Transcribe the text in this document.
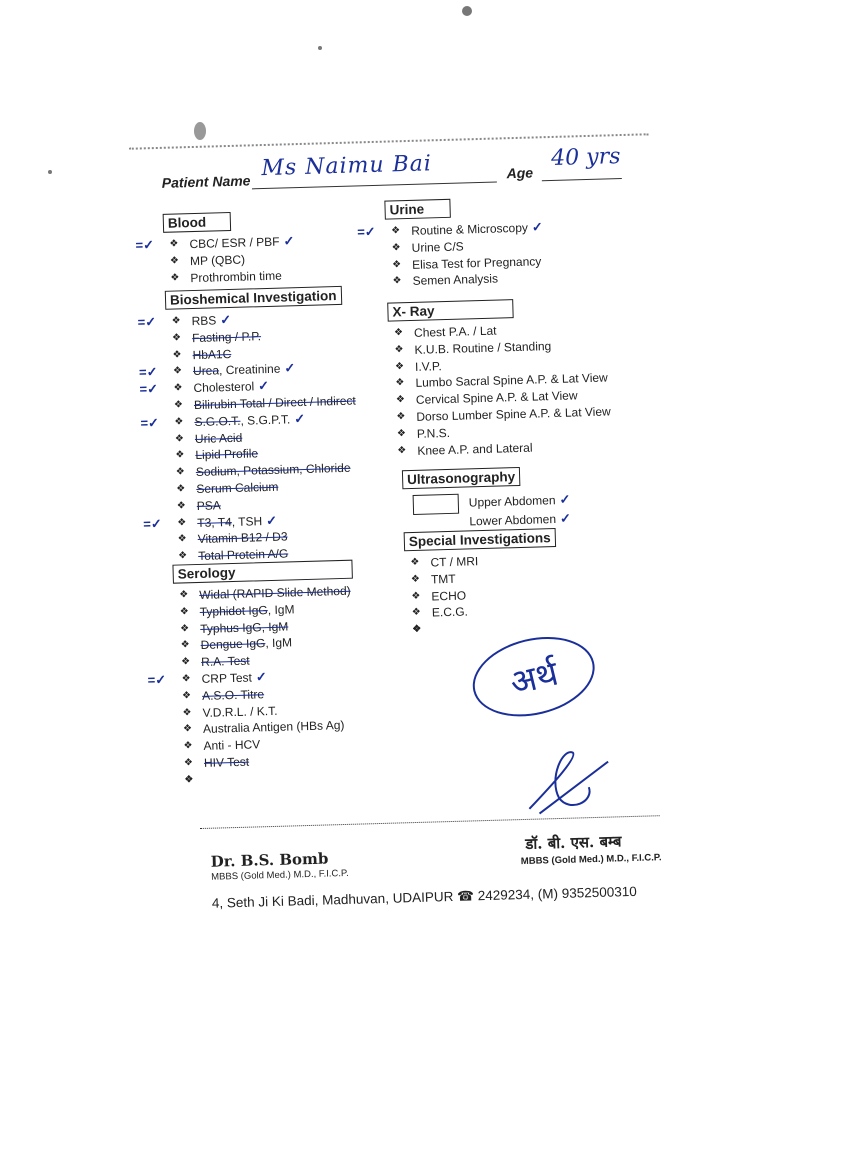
Patient Name
Ms Naimu Bai	Age
40 yrs
Blood
❖ CBC/ ESR / PBF
=✓	✓
❖ MP (QBC)
❖ Prothrombin time
Bioshemical Investigation
❖ RBS
=✓	✓
❖ Fasting / P.P.
❖ HbA1C
❖ Urea, Creatinine
=✓	✓
❖ Cholesterol
=✓	✓
❖ Bilirubin Total / Direct / Indirect
❖ S.G.O.T., S.G.P.T.
=✓	✓
❖ Uric Acid
❖ Lipid Profile
❖ Sodium, Potassium, Chloride
❖ Serum Calcium
❖ PSA
❖ T3, T4, TSH
=✓	✓
❖ Vitamin B12 / D3
❖ Total Protein A/G
Serology
❖ Widal (RAPID Slide Method)
❖ Typhidot IgG, IgM
❖ Typhus IgG, IgM
❖ Dengue IgG, IgM
❖ R.A. Test
❖ CRP Test
=✓	✓
❖ A.S.O. Titre
❖ V.D.R.L. / K.T.
❖ Australia Antigen (HBs Ag)
❖ Anti - HCV
❖ HIV Test
❖
❖
❖
Urine
❖ Routine & Microscopy
=✓	✓
❖ Urine C/S
❖ Elisa Test for Pregnancy
❖ Semen Analysis
X- Ray
❖ Chest P.A. / Lat
❖ K.U.B. Routine / Standing
❖ I.V.P.
❖ Lumbo Sacral Spine A.P. & Lat View
❖ Cervical Spine A.P. & Lat View
❖ Dorso Lumber Spine A.P. & Lat View
❖ P.N.S.
❖ Knee A.P. and Lateral
Ultrasonography
Upper Abdomen ✓
Lower Abdomen ✓
Special Investigations
❖ CT / MRI
❖ TMT
❖ ECHO
❖ E.C.G.
❖
❖
❖
❖
❖
❖
❖
❖
❖
अर्थ
Dr. B.S. Bomb
MBBS (Gold Med.) M.D., F.I.C.P.
डॉ. बी. एस. बम्ब
MBBS (Gold Med.) M.D., F.I.C.P.
4, Seth Ji Ki Badi, Madhuvan, UDAIPUR ☎ 2429234, (M) 9352500310
